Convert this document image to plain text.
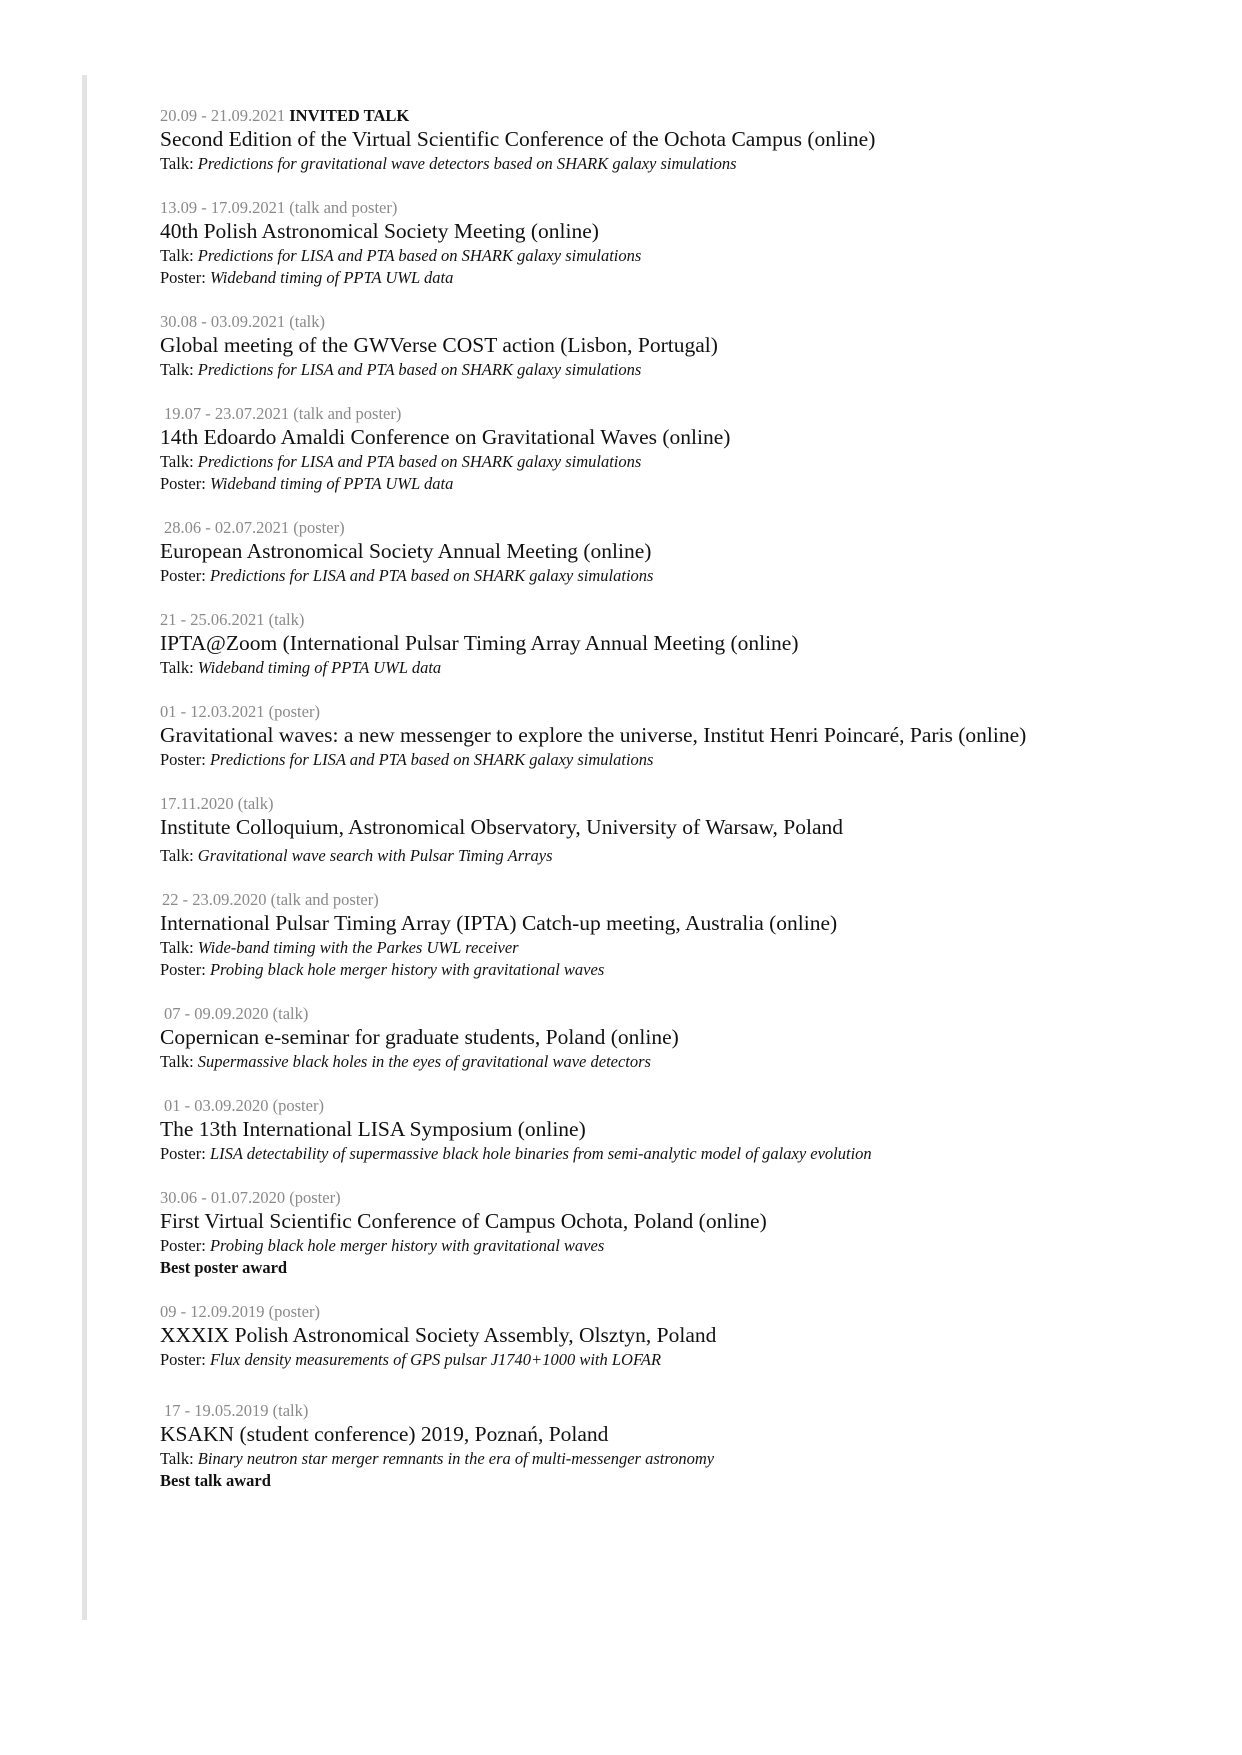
20.09 - 21.09.2021 INVITED TALK
Second Edition of the Virtual Scientific Conference of the Ochota Campus (online)
Talk: Predictions for gravitational wave detectors based on SHARK galaxy simulations
13.09 - 17.09.2021 (talk and poster)
40th Polish Astronomical Society Meeting (online)
Talk: Predictions for LISA and PTA based on SHARK galaxy simulations
Poster: Wideband timing of PPTA UWL data
30.08 - 03.09.2021 (talk)
Global meeting of the GWVerse COST action (Lisbon, Portugal)
Talk: Predictions for LISA and PTA based on SHARK galaxy simulations
19.07 - 23.07.2021 (talk and poster)
14th Edoardo Amaldi Conference on Gravitational Waves (online)
Talk: Predictions for LISA and PTA based on SHARK galaxy simulations
Poster: Wideband timing of PPTA UWL data
28.06 - 02.07.2021 (poster)
European Astronomical Society Annual Meeting (online)
Poster: Predictions for LISA and PTA based on SHARK galaxy simulations
21 - 25.06.2021 (talk)
IPTA@Zoom (International Pulsar Timing Array Annual Meeting (online)
Talk: Wideband timing of PPTA UWL data
01 - 12.03.2021 (poster)
Gravitational waves: a new messenger to explore the universe, Institut Henri Poincaré, Paris (online)
Poster: Predictions for LISA and PTA based on SHARK galaxy simulations
17.11.2020 (talk)
Institute Colloquium, Astronomical Observatory, University of Warsaw, Poland
Talk: Gravitational wave search with Pulsar Timing Arrays
22 - 23.09.2020 (talk and poster)
International Pulsar Timing Array (IPTA) Catch-up meeting, Australia (online)
Talk: Wide-band timing with the Parkes UWL receiver
Poster: Probing black hole merger history with gravitational waves
07 - 09.09.2020 (talk)
Copernican e-seminar for graduate students, Poland (online)
Talk: Supermassive black holes in the eyes of gravitational wave detectors
01 - 03.09.2020 (poster)
The 13th International LISA Symposium (online)
Poster: LISA detectability of supermassive black hole binaries from semi-analytic model of galaxy evolution
30.06 - 01.07.2020 (poster)
First Virtual Scientific Conference of Campus Ochota, Poland (online)
Poster: Probing black hole merger history with gravitational waves
Best poster award
09 - 12.09.2019 (poster)
XXXIX Polish Astronomical Society Assembly, Olsztyn, Poland
Poster: Flux density measurements of GPS pulsar J1740+1000 with LOFAR
17 - 19.05.2019 (talk)
KSAKN (student conference) 2019, Poznań, Poland
Talk: Binary neutron star merger remnants in the era of multi-messenger astronomy
Best talk award
